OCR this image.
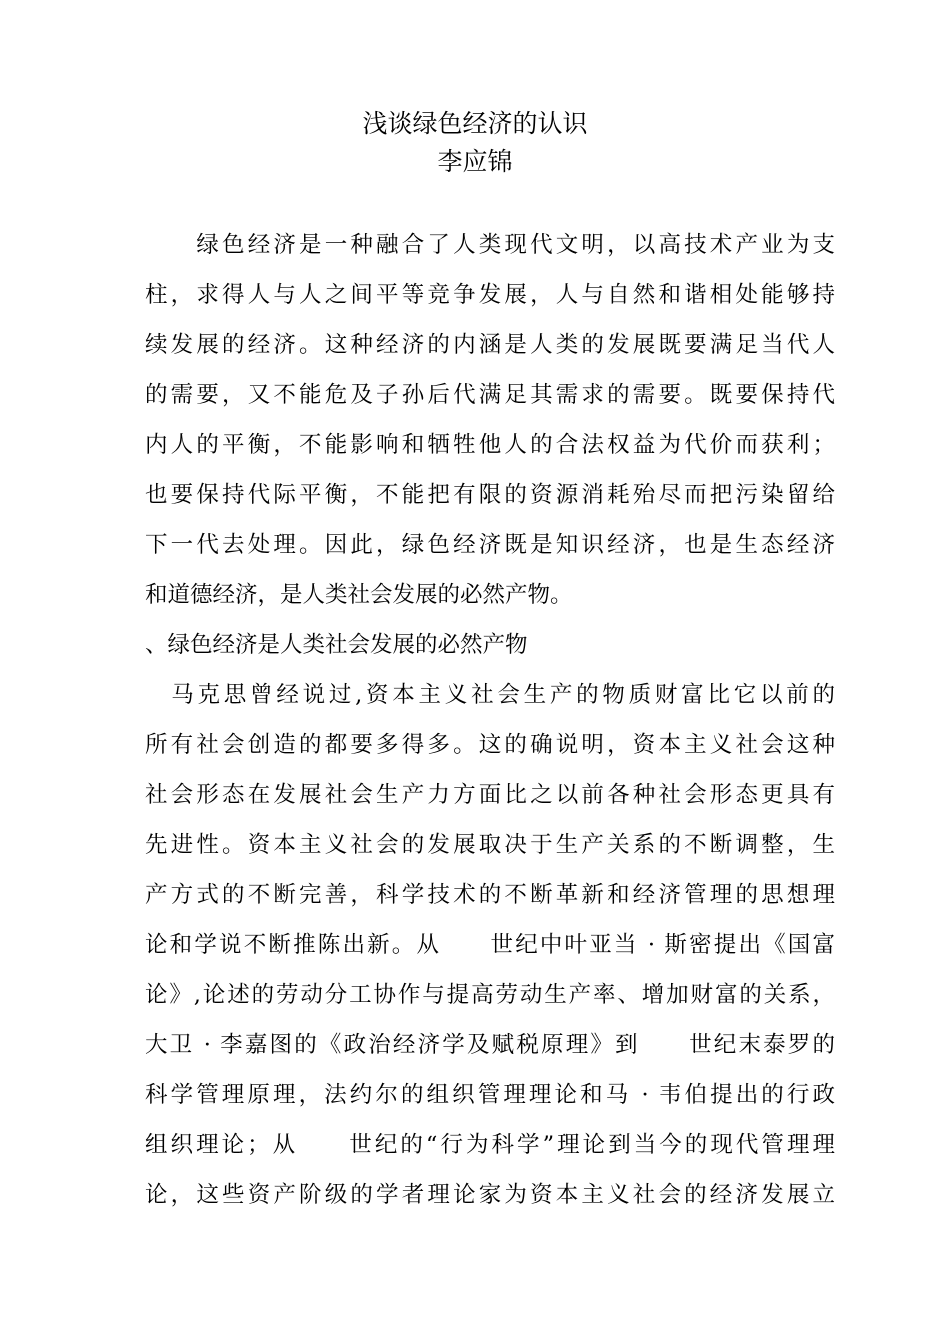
浅谈绿色经济的认识
李应锦
　　绿色经济是一种融合了人类现代文明，以高技术产业为支
柱，求得人与人之间平等竞争发展，人与自然和谐相处能够持
续发展的经济。这种经济的内涵是人类的发展既要满足当代人
的需要，又不能危及子孙后代满足其需求的需要。既要保持代
内人的平衡，不能影响和牺牲他人的合法权益为代价而获利；
也要保持代际平衡，不能把有限的资源消耗殆尽而把污染留给
下一代去处理。因此，绿色经济既是知识经济，也是生态经济
和道德经济，是人类社会发展的必然产物。
、绿色经济是人类社会发展的必然产物
　马克思曾经说过,资本主义社会生产的物质财富比它以前的
所有社会创造的都要多得多。这的确说明，资本主义社会这种
社会形态在发展社会生产力方面比之以前各种社会形态更具有
先进性。资本主义社会的发展取决于生产关系的不断调整，生
产方式的不断完善，科学技术的不断革新和经济管理的思想理
论和学说不断推陈出新。从　　世纪中叶亚当 · 斯密提出《国富
论》,论述的劳动分工协作与提高劳动生产率、增加财富的关系，
大卫 · 李嘉图的《政治经济学及赋税原理》到　　世纪末泰罗的
科学管理原理，法约尔的组织管理理论和马 · 韦伯提出的行政
组织理论；从　　世纪的“行为科学”理论到当今的现代管理理
论，这些资产阶级的学者理论家为资本主义社会的经济发展立
